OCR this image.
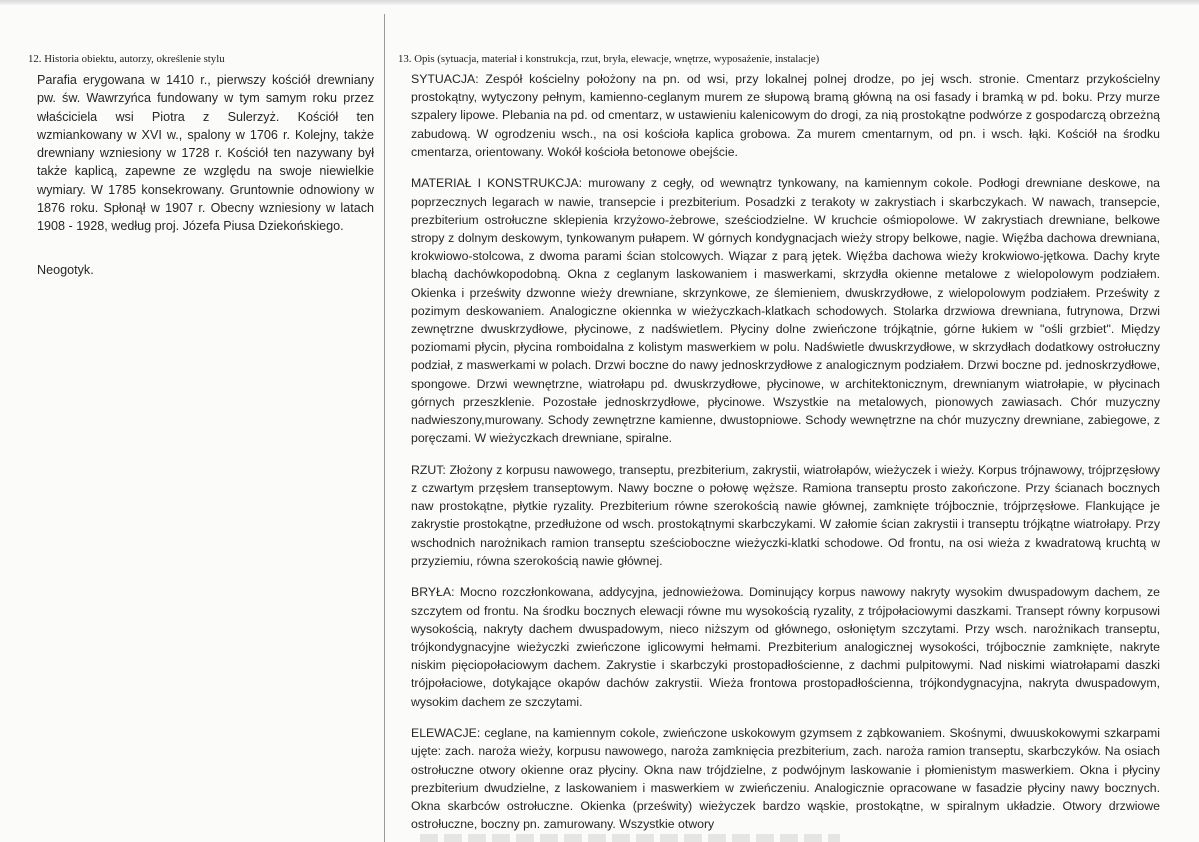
12. Historia obiektu, autorzy, określenie stylu

Parafia erygowana w 1410 r., pierwszy kościół drewniany pw. św. Wawrzyńca fundowany w tym samym roku przez właściciela wsi Piotra z Sulerzyż. Kościół ten wzmiankowany w XVI w., spalony w 1706 r. Kolejny, także drewniany wzniesiony w 1728 r. Kościół ten nazywany był także kaplicą, zapewne ze względu na swoje niewielkie wymiary. W 1785 konsekrowany. Gruntownie odnowiony w 1876 roku. Spłonął w 1907 r. Obecny wzniesiony w latach 1908 - 1928, według proj. Józefa Piusa Dziekońskiego.

Neogotyk.

13. Opis (sytuacja, materiał i konstrukcja, rzut, bryła, elewacje, wnętrze, wyposażenie, instalacje)

SYTUACJA: Zespół kościelny położony na pn. od wsi, przy lokalnej polnej drodze, po jej wsch. stronie. Cmentarz przykościelny prostokątny, wytyczony pełnym, kamienno-ceglanym murem ze słupową bramą główną na osi fasady i bramką w pd. boku. Przy murze szpalery lipowe. Plebania na pd. od cmentarz, w ustawieniu kalenicowym do drogi, za nią prostokątne podwórze z gospodarczą obrzeżną zabudową. W ogrodzeniu wsch., na osi kościoła kaplica grobowa. Za murem cmentarnym, od pn. i wsch. łąki. Kościół na środku cmentarza, orientowany. Wokół kościoła betonowe obejście.

MATERIAŁ I KONSTRUKCJA: murowany z cegły, od wewnątrz tynkowany, na kamiennym cokole. Podłogi drewniane deskowe, na poprzecznych legarach w nawie, transepcie i prezbiterium. Posadzki z terakoty w zakrystiach i skarbczykach. W nawach, transepcie, prezbiterium ostrołuczne sklepienia krzyżowo-żebrowe, sześciodzielne. W kruchcie ośmiopolowe. W zakrystiach drewniane, belkowe stropy z dolnym deskowym, tynkowanym pułapem. W górnych kondygnacjach wieży stropy belkowe, nagie. Więźba dachowa drewniana, krokwiowo-stolcowa, z dwoma parami ścian stolcowych. Wiązar z parą jętek. Więźba dachowa wieży krokwiowo-jętkowa. Dachy kryte blachą dachówkopodobną. Okna z ceglanym laskowaniem i maswerkami, skrzydła okienne metalowe z wielopolowym podziałem. Okienka i prześwity dzwonne wieży drewniane, skrzynkowe, ze ślemieniem, dwuskrzydłowe, z wielopolowym podziałem. Prześwity z pozimym deskowaniem. Analogiczne okiennka w wieżyczkach-klatkach schodowych. Stolarka drzwiowa drewniana, futrynowa, Drzwi zewnętrzne dwuskrzydłowe, płycinowe, z nadświetlem. Płyciny dolne zwieńczone trójkątnie, górne łukiem w "ośli grzbiet". Między poziomami płycin, płycina romboidalna z kolistym maswerkiem w polu. Nadświetle dwuskrzydłowe, w skrzydłach dodatkowy ostrołuczny podział, z maswerkami w polach. Drzwi boczne do nawy jednoskrzydłowe z analogicznym podziałem. Drzwi boczne pd. jednoskrzydłowe, spongowe. Drzwi wewnętrzne, wiatrołapu pd. dwuskrzydłowe, płycinowe, w architektonicznym, drewnianym wiatrołapie, w płycinach górnych przeszklenie. Pozostałe jednoskrzydłowe, płycinowe. Wszystkie na metalowych, pionowych zawiasach. Chór muzyczny nadwieszony,murowany. Schody zewnętrzne kamienne, dwustopniowe. Schody wewnętrzne na chór muzyczny drewniane, zabiegowe, z poręczami. W wieżyczkach drewniane, spiralne.

RZUT: Złożony z korpusu nawowego, transeptu, prezbiterium, zakrystii, wiatrołapów, wieżyczek i wieży. Korpus trójnawowy, trójprzęsłowy z czwartym przęsłem transeptowym. Nawy boczne o połowę węższe. Ramiona transeptu prosto zakończone. Przy ścianach bocznych naw prostokątne, płytkie ryzality. Prezbiterium równe szerokością nawie głównej, zamknięte trójbocznie, trójprzęsłowe. Flankujące je zakrystie prostokątne, przedłużone od wsch. prostokątnymi skarbczykami. W załomie ścian zakrystii i transeptu trójkątne wiatrołapy. Przy wschodnich narożnikach ramion transeptu sześcioboczne wieżyczki-klatki schodowe. Od frontu, na osi wieża z kwadratową kruchtą w przyziemiu, równa szerokością nawie głównej.

BRYŁA: Mocno rozczłonkowana, addycyjna, jednowieżowa. Dominujący korpus nawowy nakryty wysokim dwuspadowym dachem, ze szczytem od frontu. Na środku bocznych elewacji równe mu wysokością ryzality, z trójpołaciowymi daszkami. Transept równy korpusowi wysokością, nakryty dachem dwuspadowym, nieco niższym od głównego, osłoniętym szczytami. Przy wsch. narożnikach transeptu, trójkondygnacyjne wieżyczki zwieńczone iglicowymi hełmami. Prezbiterium analogicznej wysokości, trójbocznie zamknięte, nakryte niskim pięciopołaciowym dachem. Zakrystie i skarbczyki prostopadłościenne, z dachmi pulpitowymi. Nad niskimi wiatrołapami daszki trójpołaciowe, dotykające okapów dachów zakrystii. Wieża frontowa prostopadłościenna, trójkondygnacyjna, nakryta dwuspadowym, wysokim dachem ze szczytami.

ELEWACJE: ceglane, na kamiennym cokole, zwieńczone uskokowym gzymsem z ząbkowaniem. Skośnymi, dwuuskokowymi szkarpami ujęte: zach. naroża wieży, korpusu nawowego, naroża zamknięcia prezbiterium, zach. naroża ramion transeptu, skarbczyków. Na osiach ostrołuczne otwory okienne oraz płyciny. Okna naw trójdzielne, z podwójnym laskowanie i płomienistym maswerkiem. Okna i płyciny prezbiterium dwudzielne, z laskowaniem i maswerkiem w zwieńczeniu. Analogicznie opracowane w fasadzie płyciny nawy bocznych. Okna skarbców ostrołuczne. Okienka (prześwity) wieżyczek bardzo wąskie, prostokątne, w spiralnym układzie. Otwory drzwiowe ostrołuczne, boczny pn. zamurowany. Wszystkie otwory
